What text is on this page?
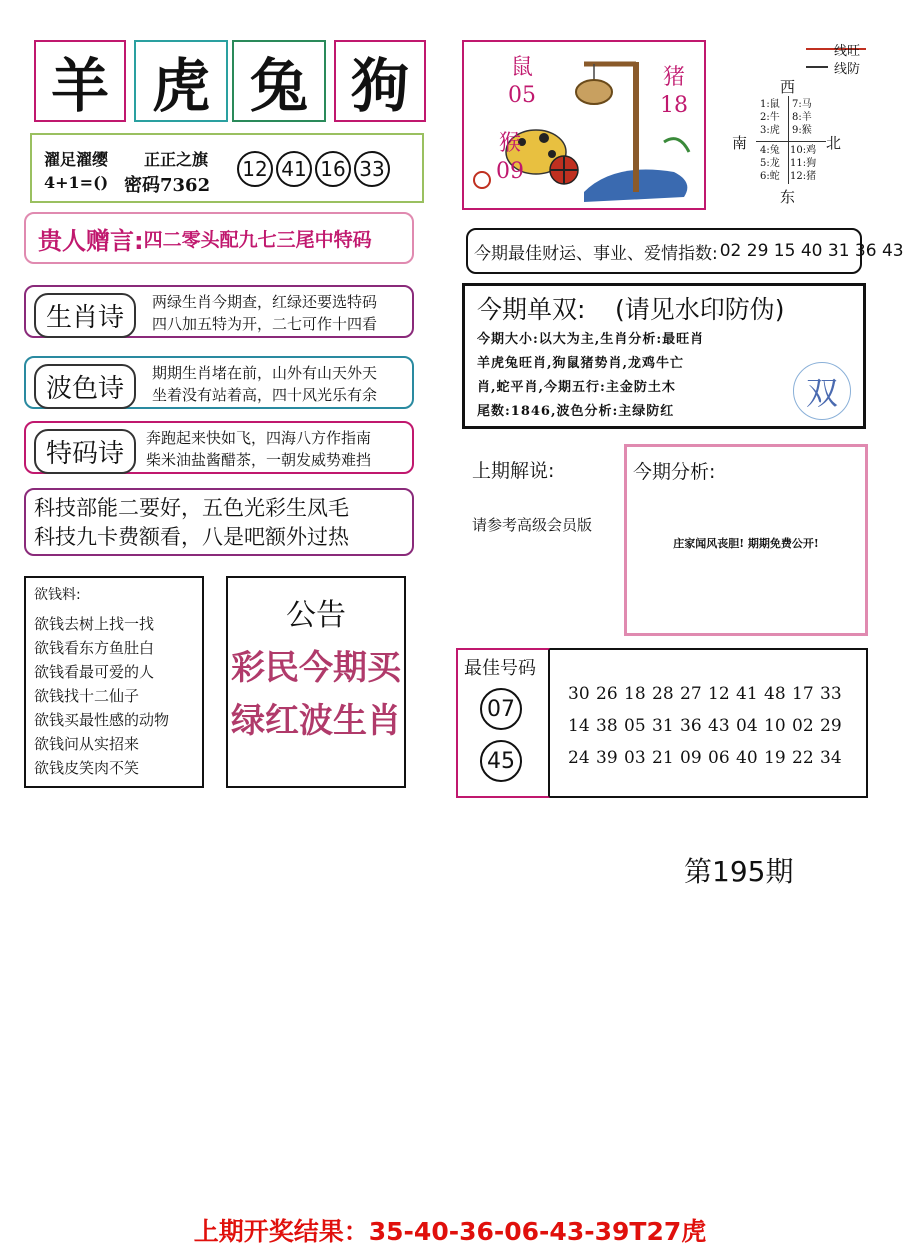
羊 虎 兔 狗
濯足濯缨 正正之旗
4+1=() 密码7362
12 41 16 33
贵人赠言: 四二零头配九七三尾中特码
生肖诗
两绿生肖今期查，红绿还要选特码
四八加五特为开，二七可作十四看
波色诗
期期生肖堵在前，山外有山天外天
坐着没有站着高，四十风光乐有余
特码诗
奔跑起来快如飞，四海八方作指南
柴米油盐酱醋茶，一朝发威势难挡
科技部能二要好，五色光彩生凤毛
科技九卡费额看，八是吧额外过热
欲钱料:
欲钱去树上找一找
欲钱看东方鱼肚白
欲钱看最可爱的人
欲钱找十二仙子
欲钱买最性感的动物
欲钱问从实招来
欲钱皮笑肉不笑
公告
彩民今期买
绿红波生肖
鼠
05
猪
18
猴
09
线旺
线防
西
南	北
东
1:鼠
2:牛
3:虎
7:马
8:羊
9:猴
4:兔
5:龙
6:蛇
10:鸡
11:狗
12:猪
今期最佳财运、事业、爱情指数: 02 29 15 40 31 36 43
今期单双: (请见水印防伪)
今期大小:以大为主,生肖分析:最旺肖
羊虎兔旺肖,狗鼠猪势肖,龙鸡牛亡
肖,蛇平肖,今期五行:主金防土木
尾数:1846,波色分析:主绿防红	双
上期解说:
请参考高级会员版
今期分析:
庄家闻风丧胆! 期期免费公开!
最佳号码
07
45
30 26 18 28 27 12 41 48 17 33
14 38 05 31 36 43 04 10 02 29
24 39 03 21 09 06 40 19 22 34
第195期
上期开奖结果：35-40-36-06-43-39T27虎
